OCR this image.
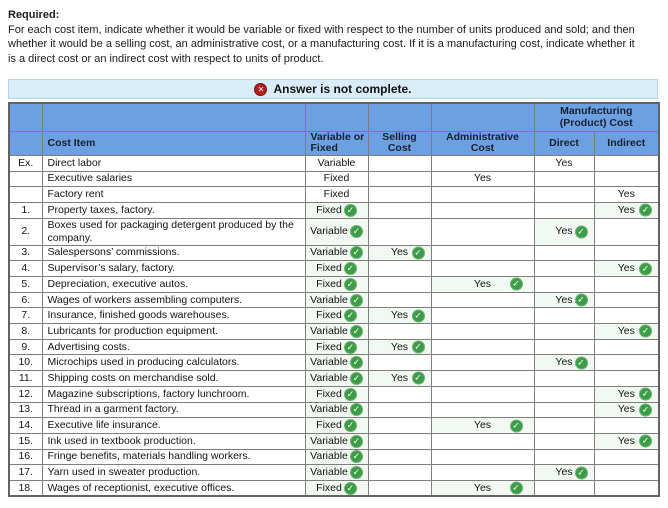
Required:
For each cost item, indicate whether it would be variable or fixed with respect to the number of units produced and sold; and then whether it would be a selling cost, an administrative cost, or a manufacturing cost. If it is a manufacturing cost, indicate whether it is a direct cost or an indirect cost with respect to units of product.
✕ Answer is not complete.
					Manufacturing (Product) Cost	
	Cost Item	Variable or Fixed	Selling Cost	Administrative Cost	Direct	Indirect
Ex.	Direct labor	Variable			Yes	
	Executive salaries	Fixed		Yes		
	Factory rent	Fixed				Yes
1.	Property taxes, factory.	Fixed ✓				Yes ✓

2.	Boxes used for packaging detergent produced by the company.	Variable ✓			Yes ✓	

3.	Salespersons’ commissions.	Variable ✓	Yes ✓			

4.	Supervisor’s salary, factory.	Fixed ✓				Yes ✓

5.	Depreciation, executive autos.	Fixed ✓		Yes ✓		

6.	Wages of workers assembling computers.	Variable ✓			Yes ✓	

7.	Insurance, finished goods warehouses.	Fixed ✓	Yes ✓			

8.	Lubricants for production equipment.	Variable ✓				Yes ✓

9.	Advertising costs.	Fixed ✓	Yes ✓			

10.	Microchips used in producing calculators.	Variable ✓			Yes ✓	

11.	Shipping costs on merchandise sold.	Variable ✓	Yes ✓			

12.	Magazine subscriptions, factory lunchroom.	Fixed ✓				Yes ✓

13.	Thread in a garment factory.	Variable ✓				Yes ✓

14.	Executive life insurance.	Fixed ✓		Yes ✓		

15.	Ink used in textbook production.	Variable ✓				Yes ✓

16.	Fringe benefits, materials handling workers.	Variable ✓				

17.	Yarn used in sweater production.	Variable ✓			Yes ✓	

18.	Wages of receptionist, executive offices.	Fixed ✓		Yes ✓		
